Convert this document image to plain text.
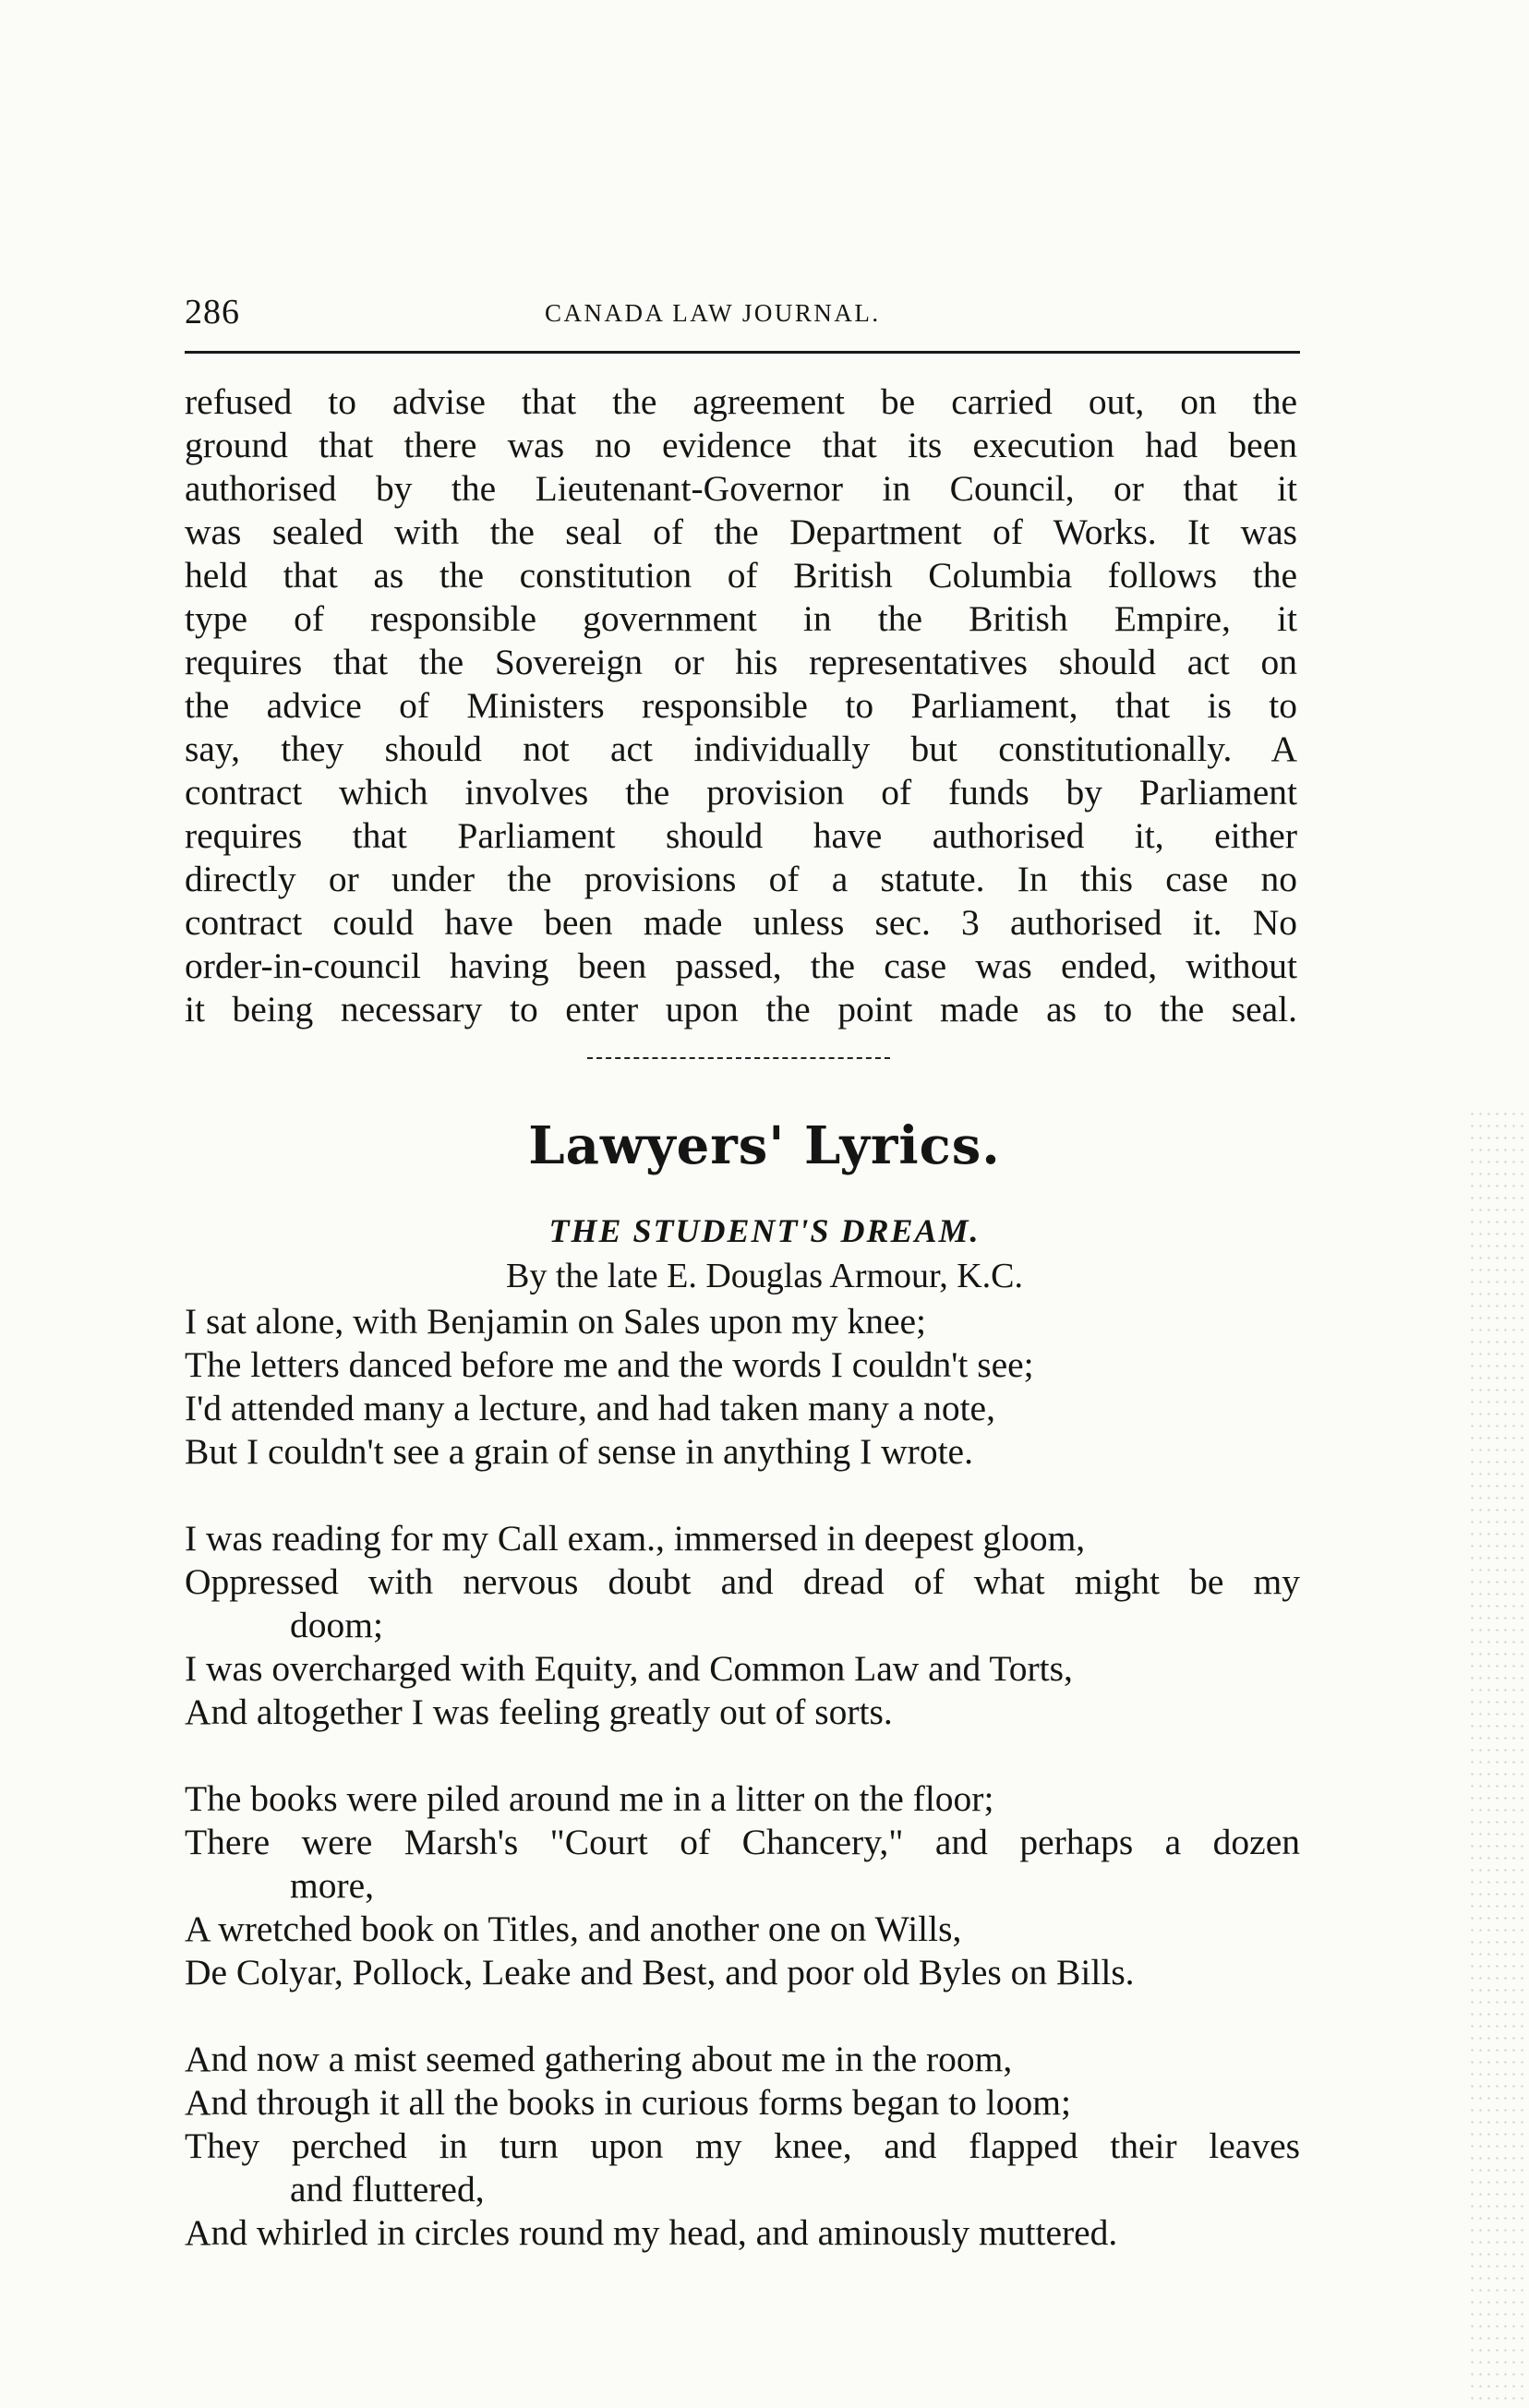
286	CANADA LAW JOURNAL.
refused to advise that the agreement be carried out, on the
ground that there was no evidence that its execution had been
authorised by the Lieutenant-Governor in Council, or that it
was sealed with the seal of the Department of Works. It was
held that as the constitution of British Columbia follows the
type of responsible government in the British Empire, it
requires that the Sovereign or his representatives should act on
the advice of Ministers responsible to Parliament, that is to
say, they should not act individually but constitutionally. A
contract which involves the provision of funds by Parliament
requires that Parliament should have authorised it, either
directly or under the provisions of a statute. In this case no
contract could have been made unless sec. 3 authorised it. No
order-in-council having been passed, the case was ended, without
it being necessary to enter upon the point made as to the seal.
Lawyers' Lyrics.
THE STUDENT'S DREAM.
By the late E. Douglas Armour, K.C.
I sat alone, with Benjamin on Sales upon my knee;
The letters danced before me and the words I couldn't see;
I'd attended many a lecture, and had taken many a note,
But I couldn't see a grain of sense in anything I wrote.
I was reading for my Call exam., immersed in deepest gloom,
Oppressed with nervous doubt and dread of what might be my
doom;
I was overcharged with Equity, and Common Law and Torts,
And altogether I was feeling greatly out of sorts.
The books were piled around me in a litter on the floor;
There were Marsh's "Court of Chancery," and perhaps a dozen
more,
A wretched book on Titles, and another one on Wills,
De Colyar, Pollock, Leake and Best, and poor old Byles on Bills.
And now a mist seemed gathering about me in the room,
And through it all the books in curious forms began to loom;
They perched in turn upon my knee, and flapped their leaves
and fluttered,
And whirled in circles round my head, and aminously muttered.
